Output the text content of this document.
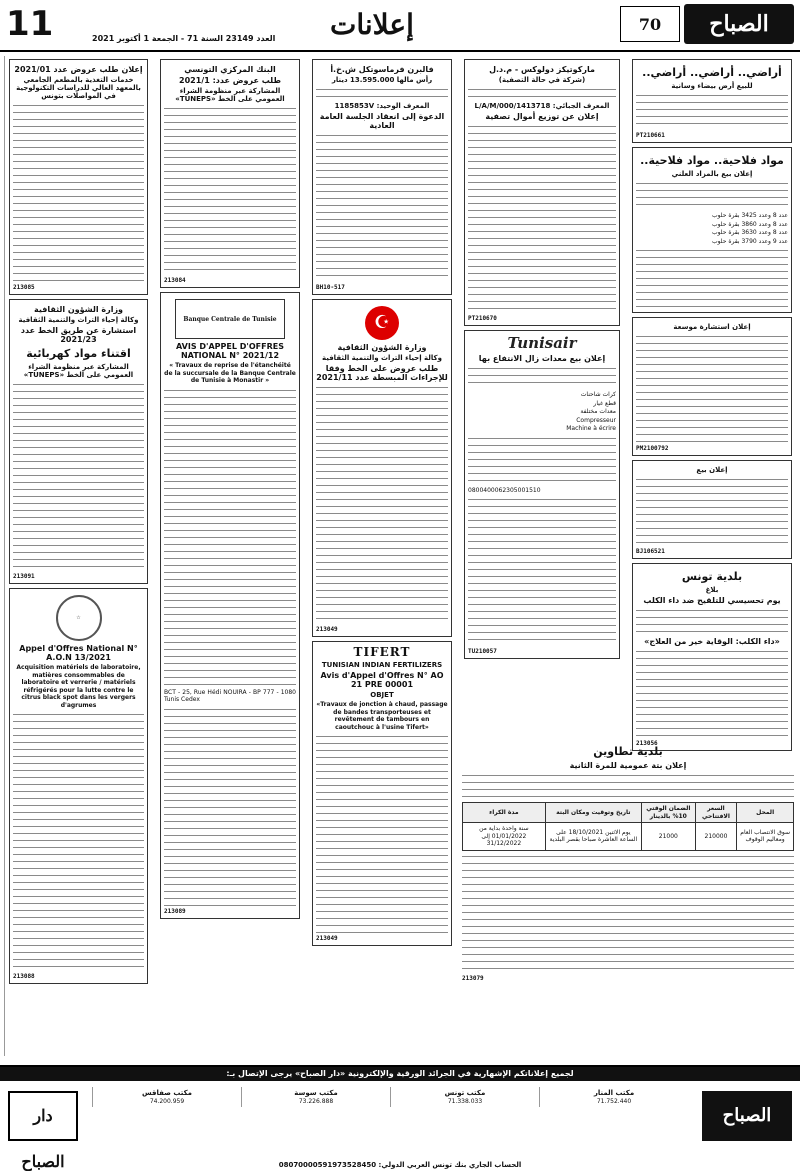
11	العدد 23149 السنة 71 - الجمعة 1 أكتوبر 2021 إعلانات	70	الصباح
أراضي.. أراضي.. أراضي..
للبيع أرض بيضاء وسانية
PT210661
مواد فلاحية.. مواد فلاحية..
إعلان بيع بالمزاد العلني

عدد 8 وعدد 3425 بقرة حلوب

عدد 8 وعدد 3860 بقرة حلوب

عدد 8 وعدد 3630 بقرة حلوب

عدد 9 وعدد 3790 بقرة حلوب

إعلان استشارة موسعة
PM2100792
إعلان بيع
BJ106521
بلدية تونس
بلاغ
يوم تحسيسي للتلقيح ضد داء الكلب
«داء الكلب: الوقاية خير من العلاج»
213056
ماركوتيكز دولوكس - م.د.ل
(شركة في حالة التصفية)
المعرف الجبائي: 1413718/L/A/M/000
إعلان عن توزيع أموال تصفية
PT210670
Tunisair
إعلان بيع معدات زال الانتفاع بها

كرات شاحنات

قطع غيار

معدات مختلفة

Compresseur

Machine à écrire

0800400062305001510

TU210057
فالبرن فرماسوتكل ش.خ.أ
رأس مالها 13.595.000 دينار
المعرف الوحيد: 1185853V
الدعوة إلى انعقاد الجلسة العامة العادية
BH10-517
☪
وزارة الشؤون الثقافية
وكالة إحياء التراث والتنمية الثقافية
طلب عروض على الخط وفقا للإجراءات المبسطة عدد 2021/11
213049
TIFERT
TUNISIAN INDIAN FERTILIZERS
Avis d'Appel d'Offres N° AO 21 PRE 00001
OBJET

«Travaux de jonction à chaud, passage de bandes transporteuses et revêtement de tambours en caoutchouc à l'usine Tifert»

213049
البنك المركزي التونسي
طلب عروض عدد: 2021/1
المشاركة عبر منظومة الشراء العمومي على الخط «TUNEPS»
213084
Banque Centrale de Tunisie
AVIS D'APPEL D'OFFRES NATIONAL N° 2021/12

« Travaux de reprise de l'étanchéité de la succursale de la Banque Centrale de Tunisie à Monastir »

BCT - 25, Rue Hédi NOUIRA - BP 777 - 1080 Tunis Cedex

213089
إعلان طلب عروض عدد 2021/01
خدمات التغذية بالمطعم الجامعي بالمعهد العالي للدراسات التكنولوجية في المواصلات بتونس
213085
وزارة الشؤون الثقافية
وكالة إحياء التراث والتنمية الثقافية
استشارة عن طريق الخط عدد 2021/23
اقتناء مواد كهربائية
المشاركة عبر منظومة الشراء العمومي على الخط «TUNEPS»
213091
☆
Appel d'Offres National N° A.O.N 13/2021

Acquisition matériels de laboratoire, matières consommables de laboratoire et verrerie / matériels réfrigérés pour la lutte contre le citrus black spot dans les vergers d'agrumes

213088
بلدية تطاوين
إعلان بتة عمومية للمرة الثانية
المحل	السعر الافتتاحي	الضمان الوقتي 10% بالدينار	تاريخ وتوقيت ومكان البتة	مدة الكراء
سوق الانتصاب العام ومعاليم الوقوف	210000	21000	يوم الاثنين 18/10/2021 على الساعة العاشرة صباحا بقصر البلدية	سنة واحدة بداية من 01/01/2022 إلى 31/12/2022
213079
لجميع إعلاناتكم الإشهارية في الجرائد الورقية والإلكترونية «دار الصباح» يرجى الإتصال بـ:
الصباح
مكتب المنار
71.752.440
مكتب تونس
71.338.033
مكتب سوسة
73.226.888
مكتب صفاقس
74.200.959
دار الصباح	الحساب الجاري بنك تونس العربي الدولي: 08070000591973528450
